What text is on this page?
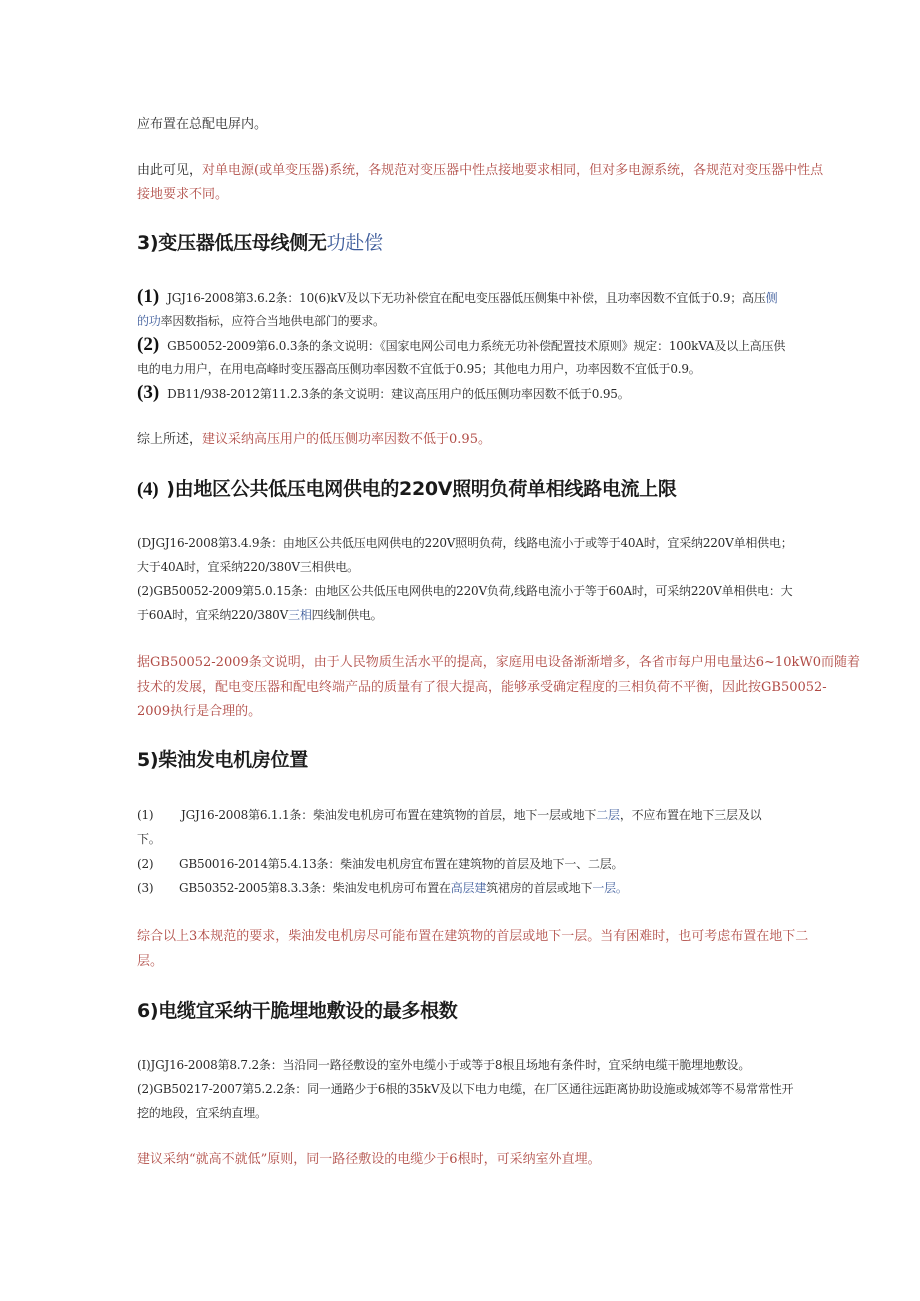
应布置在总配电屏内。
由此可见，对单电源(或单变压器)系统，各规范对变压器中性点接地要求相同，但对多电源系统，各规范对变压器中性点
接地要求不同。
3)变压器低压母线侧无功赴偿
(1) JGJ16-2008第3.6.2条：10(6)kV及以下无功补偿宜在配电变压器低压侧集中补偿，且功率因数不宜低于0.9；高压侧
的功率因数指标，应符合当地供电部门的要求。
(2) GB50052-2009第6.0.3条的条文说明：《国家电网公司电力系统无功补偿配置技术原则》规定：100kVA及以上高压供
电的电力用户，在用电高峰时变压器高压侧功率因数不宜低于0.95；其他电力用户，功率因数不宜低于0.9。
(3) DB11/938-2012第11.2.3条的条文说明：建议高压用户的低压侧功率因数不低于0.95。
综上所述，建议采纳高压用户的低压侧功率因数不低于0.95。
(4) )由地区公共低压电网供电的220V照明负荷单相线路电流上限
(DJGJ16-2008第3.4.9条：由地区公共低压电网供电的220V照明负荷，线路电流小于或等于40A时，宜采纳220V单相供电；
大于40A时，宜采纳220/380V三相供电。
(2)GB50052-2009第5.0.15条：由地区公共低压电网供电的220V负荷,线路电流小于等于60A时，可采纳220V单相供电：大
于60A时，宜采纳220/380V三相四线制供电。
据GB50052-2009条文说明，由于人民物质生活水平的提高，家庭用电设备渐渐增多，各省市每户用电量达6~10kW0而随着
技术的发展，配电变压器和配电终端产品的质量有了很大提高，能够承受确定程度的三相负荷不平衡，因此按GB50052-
2009执行是合理的。
5)柴油发电机房位置
(1) JGJ16-2008第6.1.1条：柴油发电机房可布置在建筑物的首层，地下一层或地下二层，不应布置在地下三层及以
下。
(2) GB50016-2014第5.4.13条：柴油发电机房宜布置在建筑物的首层及地下一、二层。
(3) GB50352-2005第8.3.3条：柴油发电机房可布置在高层建筑裙房的首层或地下一层。
综合以上3本规范的要求，柴油发电机房尽可能布置在建筑物的首层或地下一层。当有困难时，也可考虑布置在地下二
层。
6)电缆宜采纳干脆埋地敷设的最多根数
(I)JGJ16-2008第8.7.2条：当沿同一路径敷设的室外电缆小于或等于8根且场地有条件时，宜采纳电缆干脆埋地敷设。
(2)GB50217-2007第5.2.2条：同一通路少于6根的35kV及以下电力电缆，在厂区通往远距离协助设施或城郊等不易常常性开
挖的地段，宜采纳直埋。
建议采纳“就高不就低”原则，同一路径敷设的电缆少于6根时，可采纳室外直埋。
